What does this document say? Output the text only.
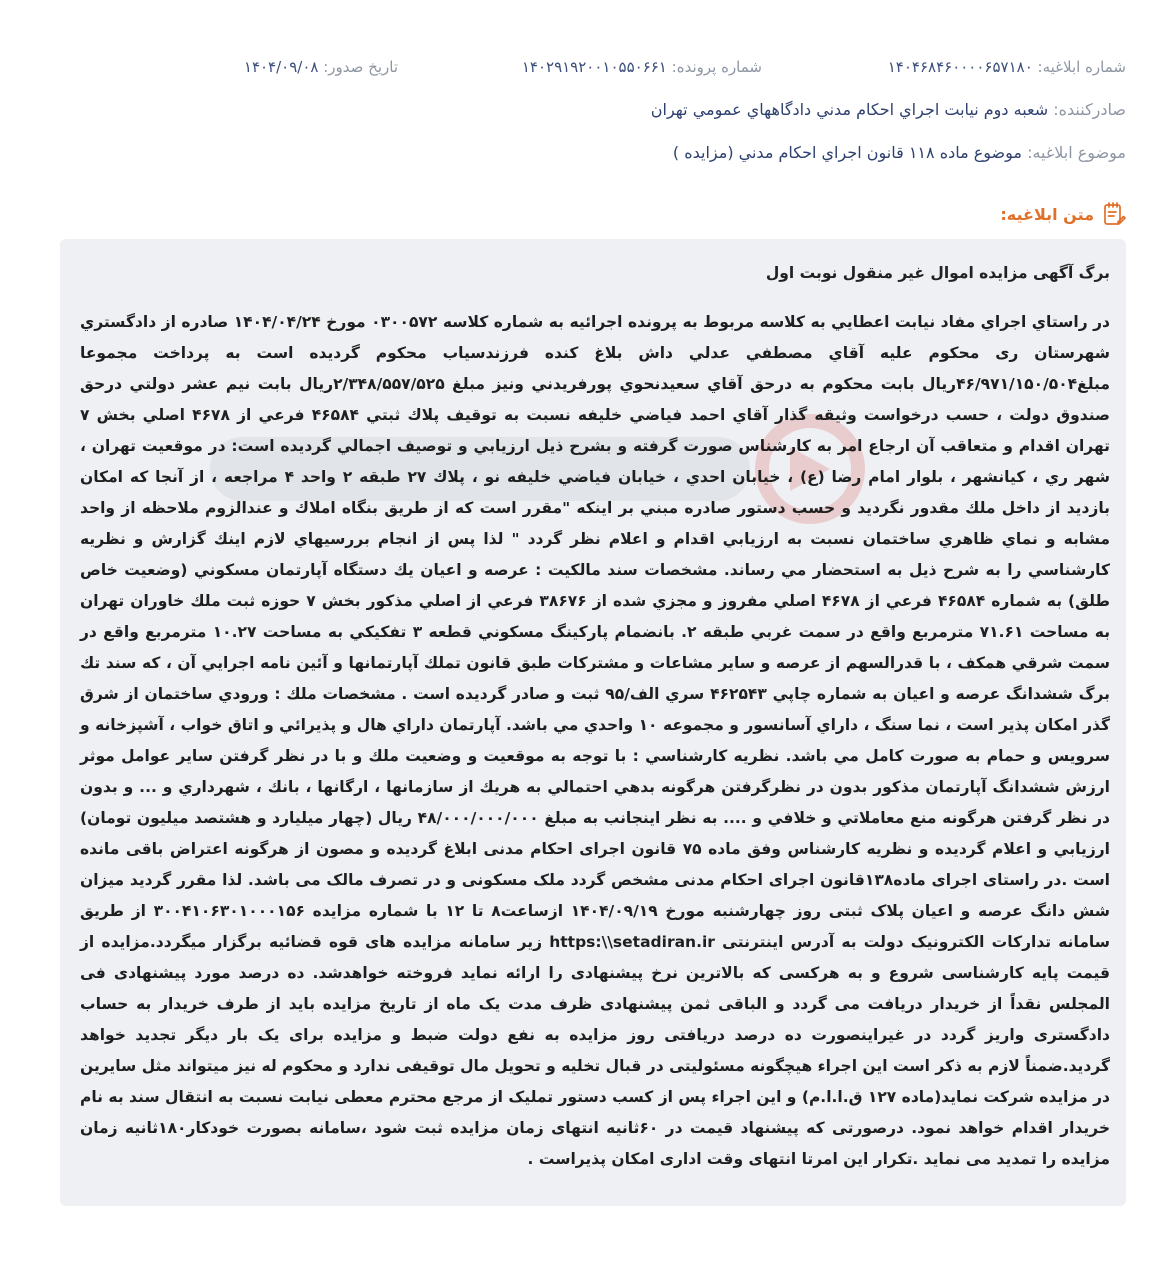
شماره ابلاغیه: ۱۴۰۴۶۸۴۶۰۰۰۰۶۵۷۱۸۰
شماره پرونده: ۱۴۰۲۹۱۹۲۰۰۱۰۵۵۰۶۶۱
تاریخ صدور: ۱۴۰۴/۰۹/۰۸
صادرکننده: شعبه دوم نيابت اجراي احكام مدني دادگاههاي عمومي تهران
موضوع ابلاغیه: موضوع ماده ۱۱۸ قانون اجراي احكام مدني (مزايده )
متن ابلاغیه:

برگ آگهی مزایده اموال غیر منقول نوبت اول

در راستاي اجراي مفاد نيابت اعطايي به كلاسه مربوط به پرونده اجرائيه به شماره كلاسه ۰۳۰۰۵۷۲ مورخ ۱۴۰۴/۰۴/۲۴ صادره از دادگستري شهرستان ری محكوم عليه آقاي مصطفي عدلي داش بلاغ كنده فرزندسياب محكوم گرديده است به پرداخت مجموعا مبلغ۴۶/۹۷۱/۱۵۰/۵۰۴ريال بابت محكوم به درحق آقاي سعيدنحوي پورفريدني ونيز مبلغ ۲/۳۴۸/۵۵۷/۵۲۵ريال بابت نيم عشر دولتي درحق صندوق دولت ، حسب درخواست وثيقه گذار آقاي احمد فياضي خليفه نسبت به توقيف پلاك ثبتي ۴۶۵۸۴ فرعي از ۴۶۷۸ اصلي بخش ۷ تهران اقدام و متعاقب آن ارجاع امر به كارشناس صورت گرفته و بشرح ذيل ارزيابي و توصيف اجمالي گرديده است: در موقعيت تهران ، شهر ري ، كيانشهر ، بلوار امام رضا (ع) ، خيابان احدي ، خيابان فياضي خليفه نو ، پلاك ۲۷ طبقه ۲ واحد ۴ مراجعه ، از آنجا كه امكان بازديد از داخل ملك مقدور نگرديد و حسب دستور صادره مبني بر اينكه "مقرر است كه از طريق بنگاه املاك و عندالزوم ملاحظه از واحد مشابه و نماي ظاهري ساختمان نسبت به ارزيابي اقدام و اعلام نظر گردد " لذا پس از انجام بررسيهاي لازم اينك گزارش و نظريه كارشناسي را به شرح ذيل به استحضار مي رساند. مشخصات سند مالكيت : عرصه و اعيان يك دستگاه آپارتمان مسكوني (وضعيت خاص طلق) به شماره ۴۶۵۸۴ فرعي از ۴۶۷۸ اصلي مفروز و مجزي شده از ۳۸۶۷۶ فرعي از اصلي مذكور بخش ۷ حوزه ثبت ملك خاوران تهران به مساحت ۷۱.۶۱ مترمربع واقع در سمت غربي طبقه ۲. بانضمام پاركينگ مسكوني قطعه ۳ تفكيكي به مساحت ۱۰.۲۷ مترمربع واقع در سمت شرقي همكف ، با قدرالسهم از عرصه و ساير مشاعات و مشتركات طبق قانون تملك آپارتمانها و آئين نامه اجرايي آن ، كه سند تك برگ ششدانگ عرصه و اعيان به شماره چاپي ۴۶۲۵۴۳ سري الف/۹۵ ثبت و صادر گرديده است . مشخصات ملك : ورودي ساختمان از شرق گذر امكان پذير است ، نما سنگ ، داراي آسانسور و مجموعه ۱۰ واحدي مي باشد. آپارتمان داراي هال و پذيرائي و اتاق خواب ، آشپزخانه و سرويس و حمام به صورت كامل مي باشد. نظريه كارشناسي : با توجه به موقعيت و وضعيت ملك و با در نظر گرفتن ساير عوامل موثر ارزش ششدانگ آپارتمان مذكور بدون در نظرگرفتن هرگونه بدهي احتمالي به هريك از سازمانها ، ارگانها ، بانك ، شهرداري و ... و بدون در نظر گرفتن هرگونه منع معاملاتي و خلافي و .... به نظر اينجانب به مبلغ ۴۸/۰۰۰/۰۰۰/۰۰۰ ريال (چهار ميليارد و هشتصد ميليون تومان) ارزيابي و اعلام گرديده و نظريه كارشناس وفق ماده ۷۵ قانون اجرای احکام مدنی ابلاغ گرديده و مصون از هرگونه اعتراض باقی مانده است .در راستای اجرای ماده۱۳۸قانون اجرای احکام مدنی مشخص گردد ملک مسکونی و در تصرف مالک می باشد. لذا مقرر گرديد ميزان شش دانگ عرصه و اعيان پلاک ثبتی روز چهارشنبه مورخ ۱۴۰۴/۰۹/۱۹ ازساعت۸ تا ۱۲ با شماره مزایده ۳۰۰۴۱۰۶۳۰۱۰۰۰۱۵۶ از طريق سامانه تدارکات الکترونیک دولت به آدرس اینترنتی https:\\setadiran.ir زیر سامانه مزایده های قوه قضائیه برگزار میگردد.مزایده از قیمت پایه کارشناسی شروع و به هرکسی که بالاترین نرخ پیشنهادی را ارائه نماید فروخته خواهدشد. ده درصد مورد پیشنهادی فی المجلس نقداً از خریدار دریافت می گردد و الباقی ثمن پیشنهادی ظرف مدت یک ماه از تاریخ مزایده باید از طرف خریدار به حساب دادگستری واریز گردد در غیراینصورت ده درصد دریافتی روز مزایده به نفع دولت ضبط و مزایده برای یک بار دیگر تجدید خواهد گردید.ضمناً لازم به ذکر است این اجراء هیچگونه مسئولیتی در قبال تخلیه و تحویل مال توقیفی ندارد و محکوم له نیز میتواند مثل سایرین در مزایده شرکت نماید(ماده ۱۲۷ ق.ا.ا.م) و این اجراء پس از کسب دستور تملیک از مرجع محترم معطی نیابت نسبت به انتقال سند به نام خریدار اقدام خواهد نمود. درصورتی که پیشنهاد قیمت در ۶۰ثانیه انتهای زمان مزایده ثبت شود ،سامانه بصورت خودکار۱۸۰ثانیه زمان مزایده را تمدید می نماید .تکرار این امرتا انتهای وقت اداری امکان پذیراست .
